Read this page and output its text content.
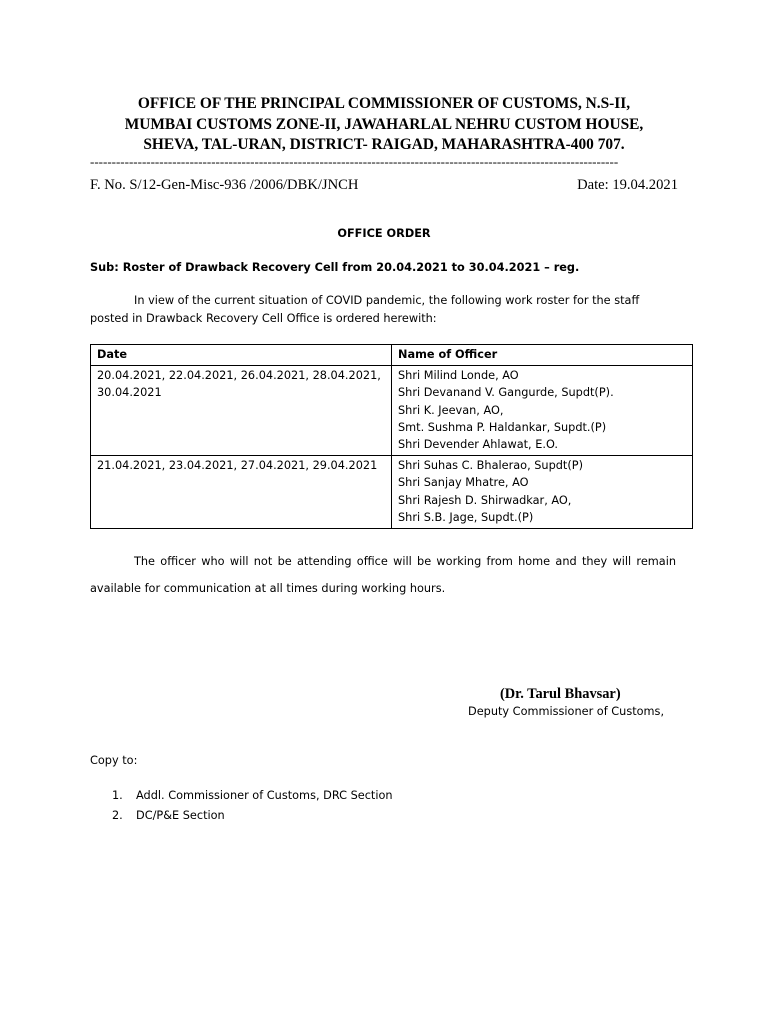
OFFICE OF THE PRINCIPAL COMMISSIONER OF CUSTOMS, N.S-II,
MUMBAI CUSTOMS ZONE-II, JAWAHARLAL NEHRU CUSTOM HOUSE,
SHEVA, TAL-URAN, DISTRICT- RAIGAD, MAHARASHTRA-400 707.
--------------------------------------------------------------------------------------------------------------------------
F. No. S/12-Gen-Misc-936 /2006/DBK/JNCH	Date: 19.04.2021
OFFICE ORDER
Sub: Roster of Drawback Recovery Cell from 20.04.2021 to 30.04.2021 – reg.
In view of the current situation of COVID pandemic, the following work roster for the staff
posted in Drawback Recovery Cell Office is ordered herewith:
Date	Name of Officer

20.04.2021, 22.04.2021, 26.04.2021, 28.04.2021,
30.04.2021	Shri Milind Londe, AO
Shri Devanand V. Gangurde, Supdt(P).
Shri K. Jeevan, AO,
Smt. Sushma P. Haldankar, Supdt.(P)
Shri Devender Ahlawat, E.O.

21.04.2021, 23.04.2021, 27.04.2021, 29.04.2021	Shri Suhas C. Bhalerao, Supdt(P)
Shri Sanjay Mhatre, AO
Shri Rajesh D. Shirwadkar, AO,
Shri S.B. Jage, Supdt.(P)
The officer who will not be attending office will be working from home and they will remain
available for communication at all times during working hours.
(Dr. Tarul Bhavsar)
Deputy Commissioner of Customs,
Copy to:
1. Addl. Commissioner of Customs, DRC Section
2. DC/P&E Section
